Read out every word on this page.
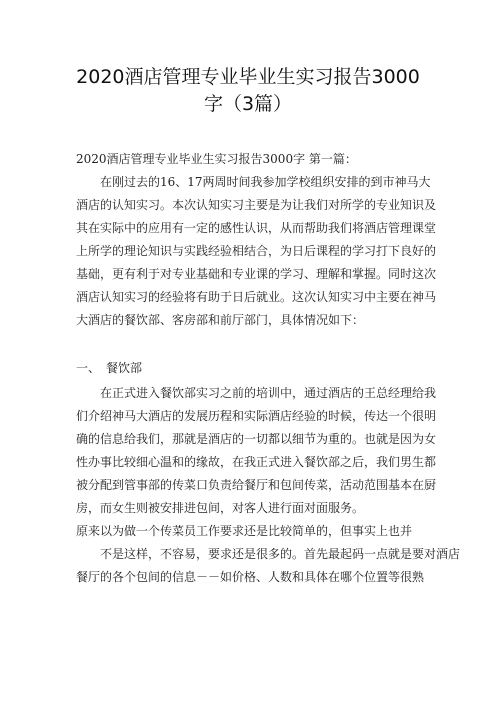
2020酒店管理专业毕业生实习报告3000
字（3篇）
2020酒店管理专业毕业生实习报告3000字 第一篇：
在刚过去的16、17两周时间我参加学校组织安排的到市神马大
酒店的认知实习。本次认知实习主要是为让我们对所学的专业知识及
其在实际中的应用有一定的感性认识，从而帮助我们将酒店管理课堂
上所学的理论知识与实践经验相结合，为日后课程的学习打下良好的
基础，更有利于对专业基础和专业课的学习、理解和掌握。同时这次
酒店认知实习的经验将有助于日后就业。这次认知实习中主要在神马
大酒店的餐饮部、客房部和前厅部门，具体情况如下：
一、　餐饮部
在正式进入餐饮部实习之前的培训中，通过酒店的王总经理给我
们介绍神马大酒店的发展历程和实际酒店经验的时候，传达一个很明
确的信息给我们，那就是酒店的一切都以细节为重的。也就是因为女
性办事比较细心温和的缘故，在我正式进入餐饮部之后，我们男生都
被分配到管事部的传菜口负责给餐厅和包间传菜，活动范围基本在厨
房，而女生则被安排进包间，对客人进行面对面服务。
原来以为做一个传菜员工作要求还是比较简单的，但事实上也并
不是这样，不容易，要求还是很多的。首先最起码一点就是要对酒店
餐厅的各个包间的信息－－如价格、人数和具体在哪个位置等很熟
